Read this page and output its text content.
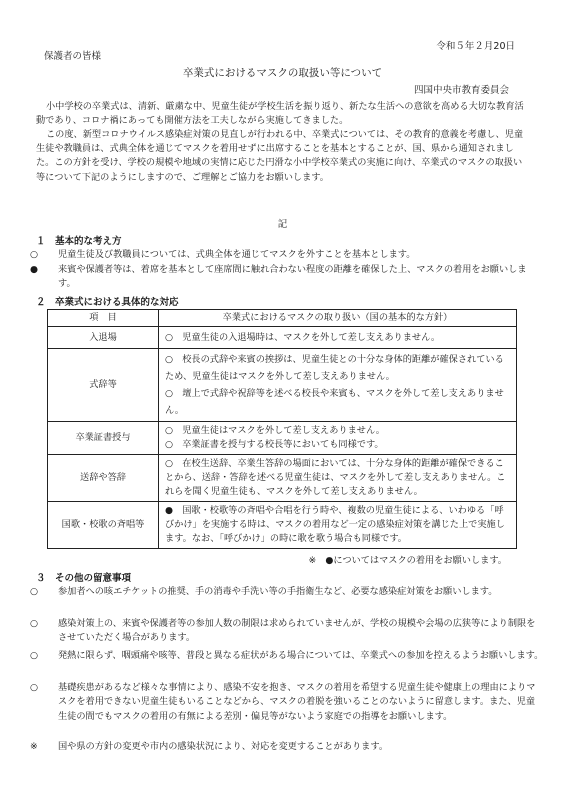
令和５年２月20日
保護者の皆様
卒業式におけるマスクの取扱い等について
四国中央市教育委員会
小中学校の卒業式は、清新、厳粛な中、児童生徒が学校生活を振り返り、新たな生活への意欲を高める大切な教育活動であり、コロナ禍にあっても開催方法を工夫しながら実施してきました。
この度、新型コロナウイルス感染症対策の見直しが行われる中、卒業式については、その教育的意義を考慮し、児童生徒や教職員は、式典全体を通じてマスクを着用せずに出席することを基本とすることが、国、県から通知されました。この方針を受け、学校の規模や地域の実情に応じた円滑な小中学校卒業式の実施に向け、卒業式のマスクの取扱い等について下記のようにしますので、ご理解とご協力をお願いします。
記
１　基本的な考え方
○ 児童生徒及び教職員については、式典全体を通じてマスクを外すことを基本とします。
● 来賓や保護者等は、着席を基本として座席間に触れ合わない程度の距離を確保した上、マスクの着用をお願いします。
２　卒業式における具体的な対応
項　目	卒業式におけるマスクの取り扱い（国の基本的な方針）
入退場	○　児童生徒の入退場時は、マスクを外して差し支えありません。

式辞等	○　校長の式辞や来賓の挨拶は、児童生徒との十分な身体的距離が確保されているため、児童生徒はマスクを外して差し支えありません。
○　壇上で式辞や祝辞等を述べる校長や来賓も、マスクを外して差し支えありません。

卒業証書授与	○　児童生徒はマスクを外して差し支えありません。
○　卒業証書を授与する校長等においても同様です。

送辞や答辞	○　在校生送辞、卒業生答辞の場面においては、十分な身体的距離が確保できることから、送辞・答辞を述べる児童生徒は、マスクを外して差し支えありません。これらを聞く児童生徒も、マスクを外して差し支えありません。

国歌・校歌の斉唱等	●　国歌・校歌等の斉唱や合唱を行う時や、複数の児童生徒による、いわゆる「呼びかけ」を実施する時は、マスクの着用など一定の感染症対策を講じた上で実施します。なお、「呼びかけ」の時に歌を歌う場合も同様です。
※　●についてはマスクの着用をお願いします。
３　その他の留意事項
○ 参加者への咳エチケットの推奨、手の消毒や手洗い等の手指衛生など、必要な感染症対策をお願いします。
○ 感染対策上の、来賓や保護者等の参加人数の制限は求められていませんが、学校の規模や会場の広狭等により制限をさせていただく場合があります。
○ 発熱に限らず、咽頭痛や咳等、普段と異なる症状がある場合については、卒業式への参加を控えるようお願いします。
○ 基礎疾患があるなど様々な事情により、感染不安を抱き、マスクの着用を希望する児童生徒や健康上の理由によりマスクを着用できない児童生徒もいることなどから、マスクの着脱を強いることのないように留意します。また、児童生徒の間でもマスクの着用の有無による差別・偏見等がないよう家庭での指導をお願いします。
※ 国や県の方針の変更や市内の感染状況により、対応を変更することがあります。
